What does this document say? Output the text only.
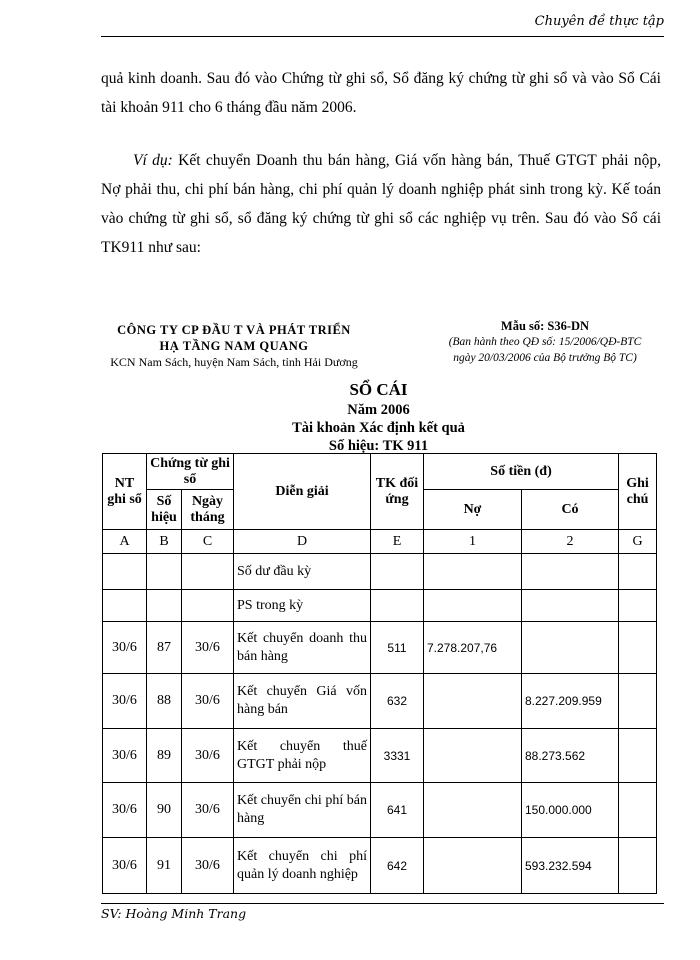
Chuyên đề thực tập
quả kinh doanh. Sau đó vào Chứng từ ghi sổ, Sổ đăng ký chứng từ ghi sổ và vào Sổ Cái tài khoản 911 cho 6 tháng đầu năm 2006.
Ví dụ: Kết chuyển Doanh thu bán hàng, Giá vốn hàng bán, Thuế GTGT phải nộp, Nợ phải thu, chi phí bán hàng, chi phí quản lý doanh nghiệp phát sinh trong kỳ. Kế toán vào chứng từ ghi sổ, sổ đăng ký chứng từ ghi sổ các nghiệp vụ trên. Sau đó vào Sổ cái TK911 như sau:
CÔNG TY CP ĐẦU T VÀ PHÁT TRIỂN
HẠ TẦNG NAM QUANG
KCN Nam Sách, huyện Nam Sách, tỉnh Hải Dương
Mẫu số: S36-DN
(Ban hành theo QĐ số: 15/2006/QĐ-BTC
ngày 20/03/2006 của Bộ trưởng Bộ TC)
SỔ CÁI
Năm 2006
Tài khoản Xác định kết quả
Số hiệu: TK 911
NT ghi sổ	Chứng từ ghi sổ		Diễn giải	TK đối ứng	Số tiền (đ)		Ghi chú
	Số hiệu	Ngày tháng			Nợ	Có	
A	B	C	D	E	1	2	G
			Số dư đầu kỳ				
			PS trong kỳ				
30/6	87	30/6	Kết chuyển doanh thu bán hàng	511	7.278.207,76		
30/6	88	30/6	Kết chuyển Giá vốn hàng bán	632		8.227.209.959	
30/6	89	30/6	Kết chuyển thuế GTGT phải nộp	3331		88.273.562	
30/6	90	30/6	Kết chuyển chi phí bán hàng	641		150.000.000	
30/6	91	30/6	Kết chuyển chi phí quản lý doanh nghiệp	642		593.232.594	
SV: Hoàng Minh Trang
